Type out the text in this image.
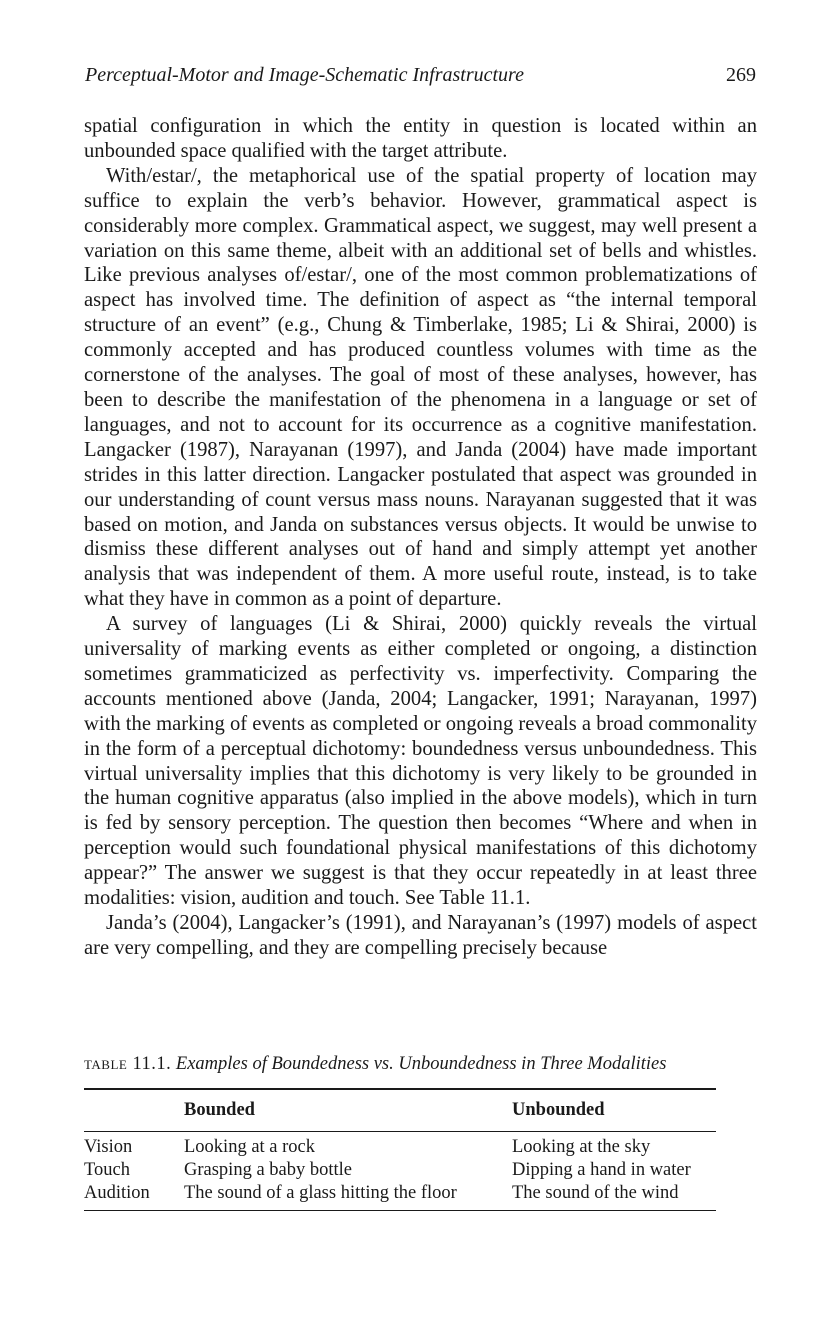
Perceptual-Motor and Image-Schematic Infrastructure	269

spatial configuration in which the entity in question is located within an unbounded space qualified with the target attribute.

With/estar/, the metaphorical use of the spatial property of location may suffice to explain the verb’s behavior. However, grammatical aspect is considerably more complex. Grammatical aspect, we suggest, may well present a variation on this same theme, albeit with an additional set of bells and whistles. Like previous analyses of/estar/, one of the most common problematizations of aspect has involved time. The definition of aspect as “the internal temporal structure of an event” (e.g., Chung & Timberlake, 1985; Li & Shirai, 2000) is commonly accepted and has produced countless volumes with time as the cornerstone of the analyses. The goal of most of these analyses, however, has been to describe the manifestation of the phenomena in a language or set of languages, and not to account for its occurrence as a cognitive manifestation. Langacker (1987), Narayanan (1997), and Janda (2004) have made important strides in this latter direction. Langacker postulated that aspect was grounded in our understanding of count versus mass nouns. Narayanan suggested that it was based on motion, and Janda on substances versus objects. It would be unwise to dismiss these different analyses out of hand and simply attempt yet another analysis that was independent of them. A more useful route, instead, is to take what they have in common as a point of departure.

A survey of languages (Li & Shirai, 2000) quickly reveals the virtual universality of marking events as either completed or ongoing, a distinction sometimes grammaticized as perfectivity vs. imperfectivity. Comparing the accounts mentioned above (Janda, 2004; Langacker, 1991; Narayanan, 1997) with the marking of events as completed or ongoing reveals a broad commonality in the form of a perceptual dichotomy: boundedness versus unboundedness. This virtual universality implies that this dichotomy is very likely to be grounded in the human cognitive apparatus (also implied in the above models), which in turn is fed by sensory perception. The question then becomes “Where and when in perception would such foundational physical manifestations of this dichotomy appear?” The answer we suggest is that they occur repeatedly in at least three modalities: vision, audition and touch. See Table 11.1.

Janda’s (2004), Langacker’s (1991), and Narayanan’s (1997) models of aspect are very compelling, and they are compelling precisely because

table 11.1. Examples of Boundedness vs. Unboundedness in Three Modalities
	Bounded	Unbounded
Vision	Looking at a rock	Looking at the sky
Touch	Grasping a baby bottle	Dipping a hand in water
Audition	The sound of a glass hitting the floor	The sound of the wind
